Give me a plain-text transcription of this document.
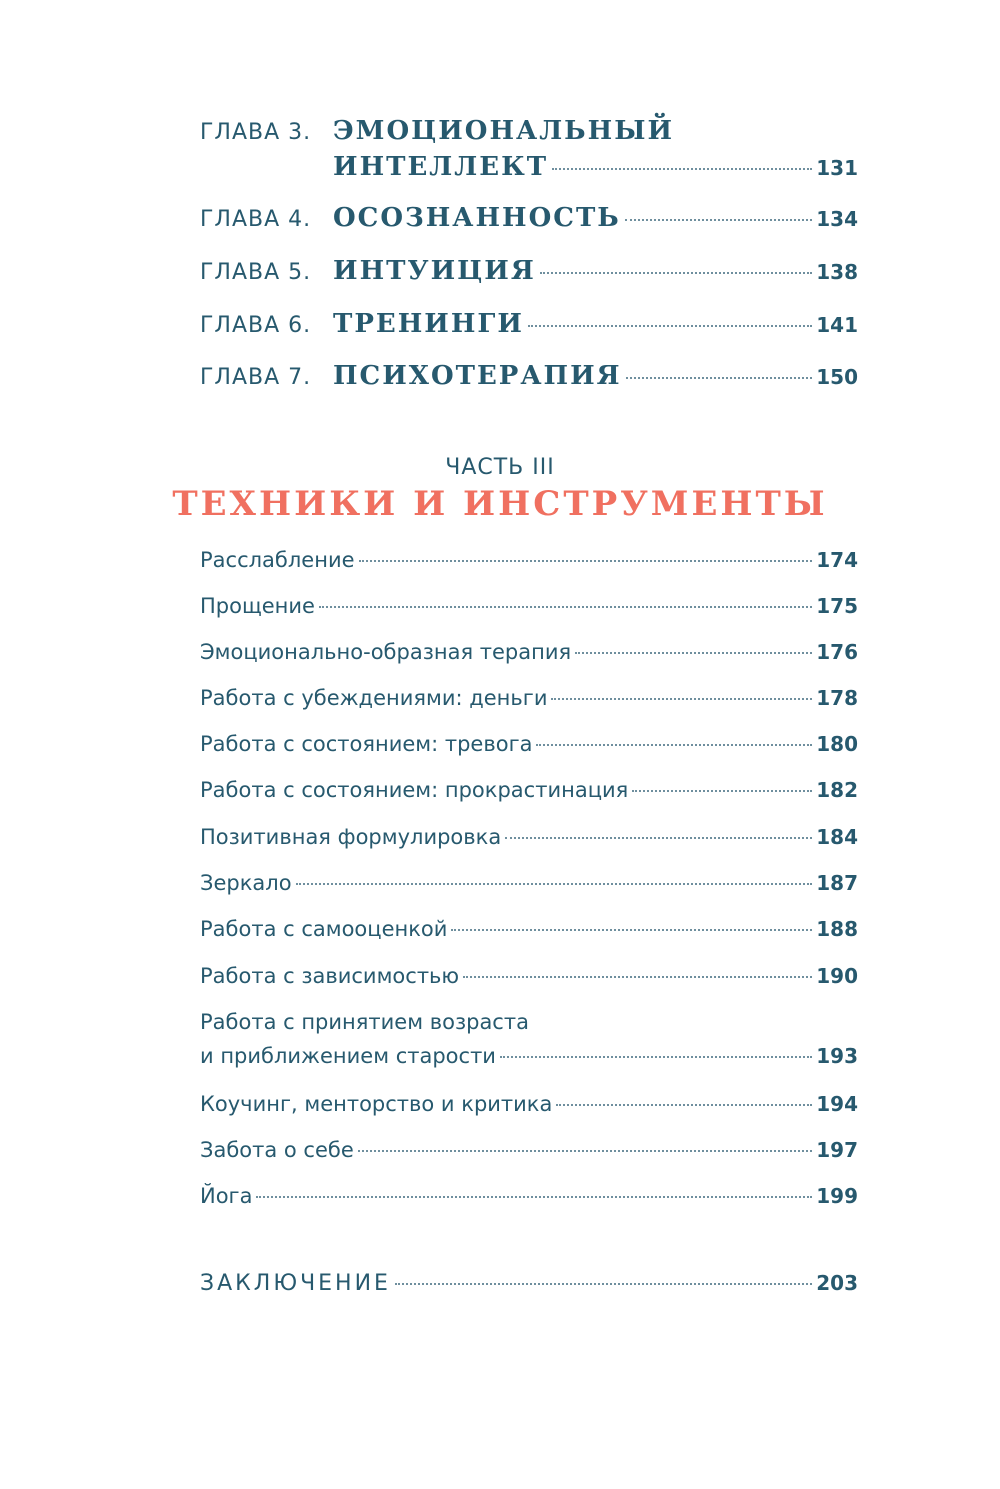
ГЛАВА 3. ЭМОЦИОНАЛЬНЫЙ
ИНТЕЛЛЕКТ	131
ГЛАВА 4. ОСОЗНАННОСТЬ	134
ГЛАВА 5. ИНТУИЦИЯ	138
ГЛАВА 6. ТРЕНИНГИ	141
ГЛАВА 7. ПСИХОТЕРАПИЯ	150
ЧАСТЬ III
ТЕХНИКИ И ИНСТРУМЕНТЫ
Расслабление	174
Прощение	175
Эмоционально-образная терапия	176
Работа с убеждениями: деньги	178
Работа с состоянием: тревога	180
Работа с состоянием: прокрастинация	182
Позитивная формулировка	184
Зеркало	187
Работа с самооценкой	188
Работа с зависимостью	190
Работа с принятием возраста
и приближением старости	193
Коучинг, менторство и критика	194
Забота о себе	197
Йога	199
ЗАКЛЮЧЕНИЕ	203
